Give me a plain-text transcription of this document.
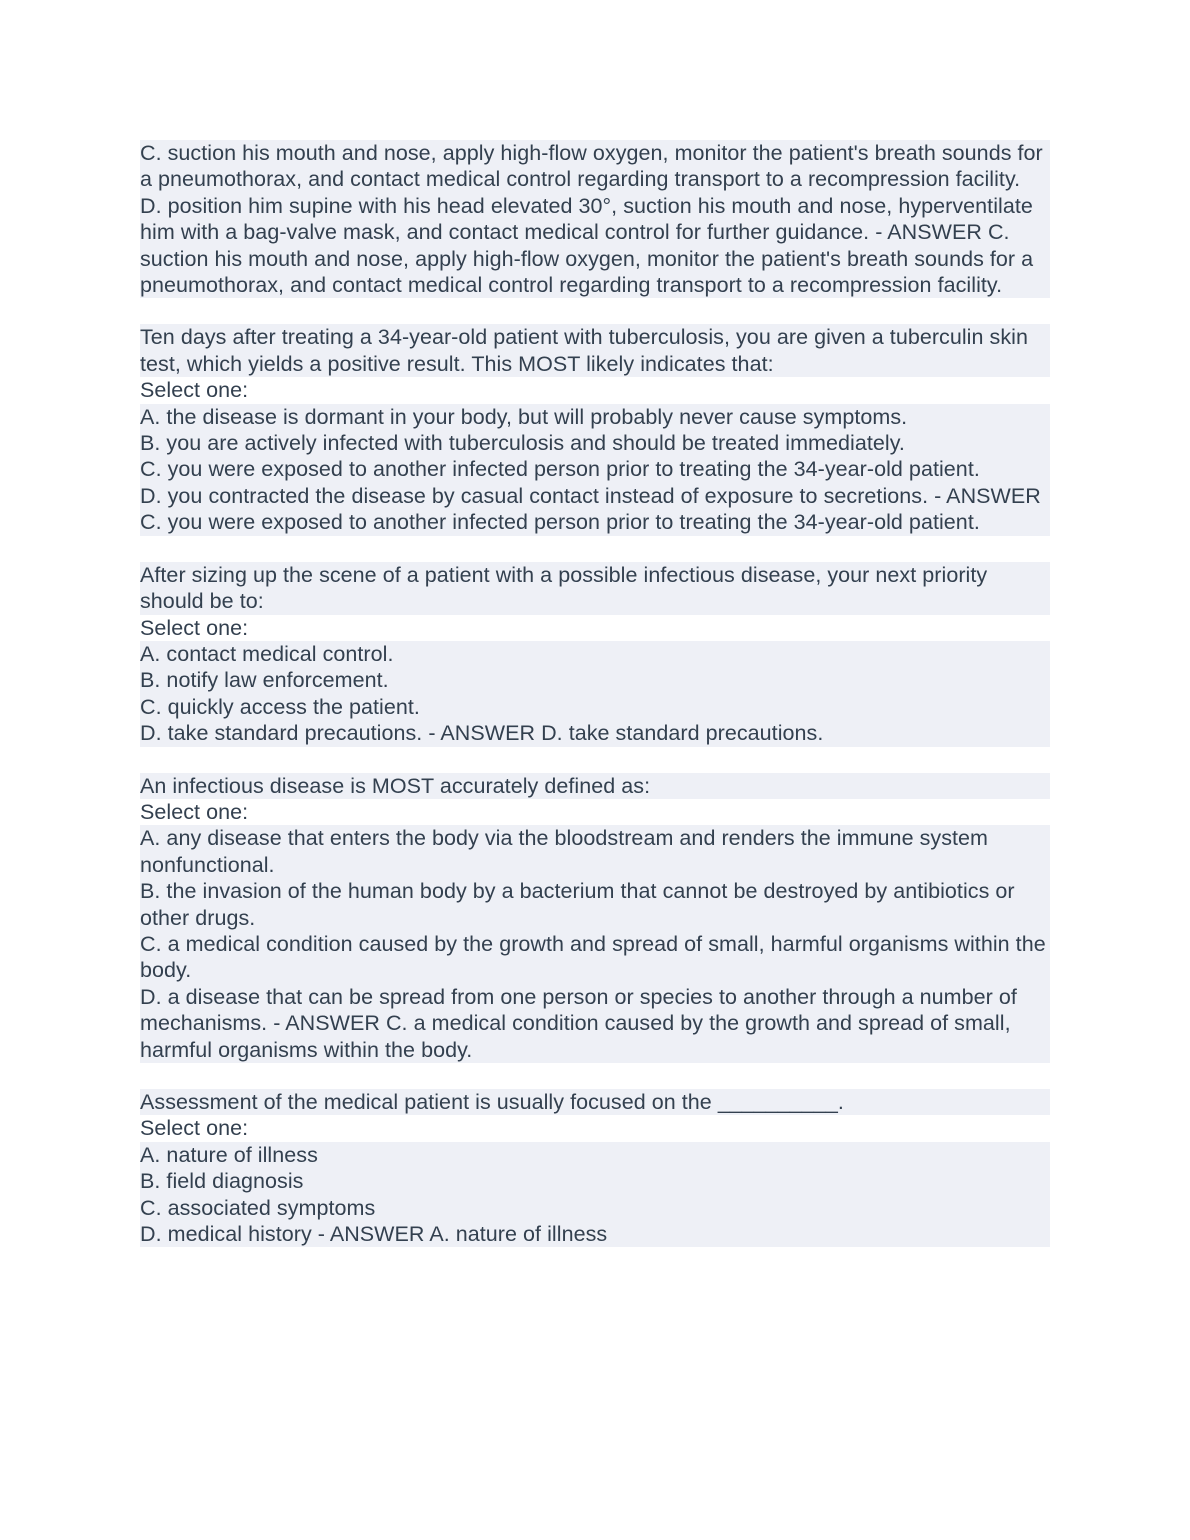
C. suction his mouth and nose, apply high-flow oxygen, monitor the patient's breath sounds for a pneumothorax, and contact medical control regarding transport to a recompression facility.

D. position him supine with his head elevated 30°, suction his mouth and nose, hyperventilate him with a bag-valve mask, and contact medical control for further guidance. - ANSWER C. suction his mouth and nose, apply high-flow oxygen, monitor the patient's breath sounds for a pneumothorax, and contact medical control regarding transport to a recompression facility.

Ten days after treating a 34-year-old patient with tuberculosis, you are given a tuberculin skin test, which yields a positive result. This MOST likely indicates that:

Select one:

A. the disease is dormant in your body, but will probably never cause symptoms.

B. you are actively infected with tuberculosis and should be treated immediately.

C. you were exposed to another infected person prior to treating the 34-year-old patient.

D. you contracted the disease by casual contact instead of exposure to secretions. - ANSWER C. you were exposed to another infected person prior to treating the 34-year-old patient.

After sizing up the scene of a patient with a possible infectious disease, your next priority should be to:

Select one:

A. contact medical control.

B. notify law enforcement.

C. quickly access the patient.

D. take standard precautions. - ANSWER D. take standard precautions.

An infectious disease is MOST accurately defined as:

Select one:

A. any disease that enters the body via the bloodstream and renders the immune system nonfunctional.

B. the invasion of the human body by a bacterium that cannot be destroyed by antibiotics or other drugs.

C. a medical condition caused by the growth and spread of small, harmful organisms within the body.

D. a disease that can be spread from one person or species to another through a number of mechanisms. - ANSWER C. a medical condition caused by the growth and spread of small, harmful organisms within the body.

Assessment of the medical patient is usually focused on the __________.

Select one:

A. nature of illness

B. field diagnosis

C. associated symptoms

D. medical history - ANSWER A. nature of illness
